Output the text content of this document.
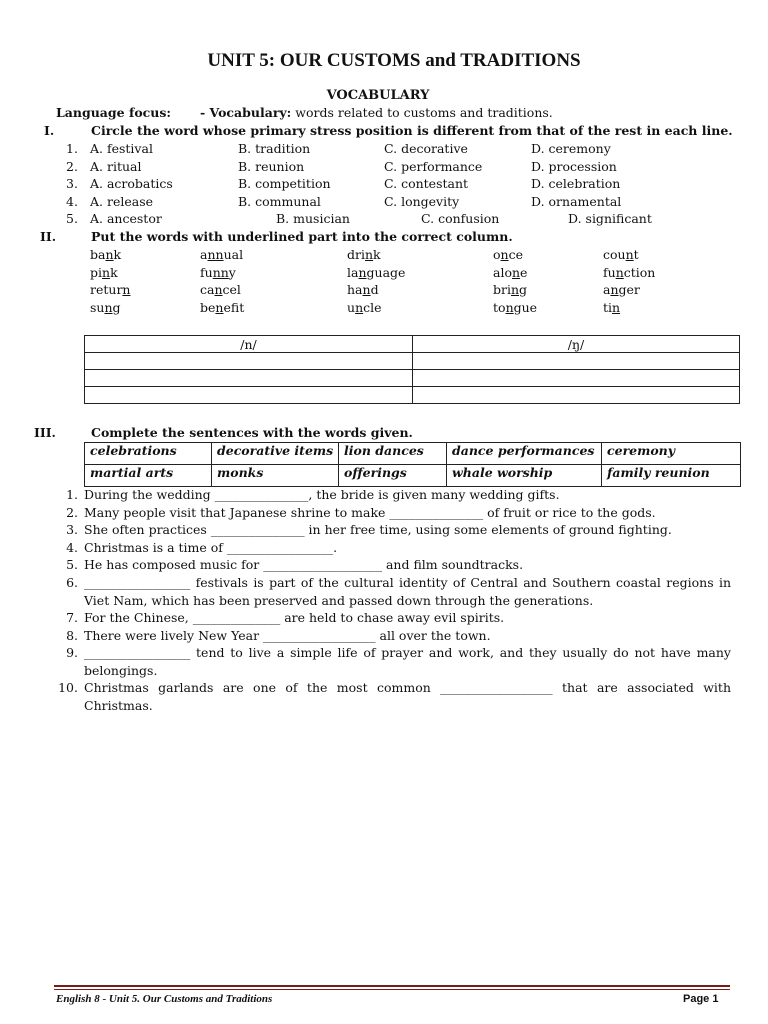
UNIT 5: OUR CUSTOMS and TRADITIONS
VOCABULARY
Language focus: - Vocabulary: words related to customs and traditions.
I.	Circle the word whose primary stress position is different from that of the rest in each line.
1. A. festival	B. tradition	C. decorative	D. ceremony
2. A. ritual	B. reunion	C. performance	D. procession
3. A. acrobatics	B. competition	C. contestant	D. celebration
4. A. release	B. communal	C. longevity	D. ornamental
5. A. ancestor	B. musician	C. confusion	D. significant
II.	Put the words with underlined part into the correct column.
bank	annual	drink	once	count
pink	funny	language	alone	function
return	cancel	hand	bring	anger
sung	benefit	uncle	tongue	tin
/n/	/ŋ/

III.	Complete the sentences with the words given.
celebrations	decorative items	lion dances	dance performances	ceremony
martial arts	monks	offerings	whale worship	family reunion
1. During the wedding _______________, the bride is given many wedding gifts.
2. Many people visit that Japanese shrine to make _______________ of fruit or rice to the gods.
3. She often practices _______________ in her free time, using some elements of ground fighting.
4. Christmas is a time of _________________.
5. He has composed music for ___________________ and film soundtracks.
6. _________________ festivals is part of the cultural identity of Central and Southern coastal regions in Viet Nam, which has been preserved and passed down through the generations.
7. For the Chinese, ______________ are held to chase away evil spirits.
8. There were lively New Year __________________ all over the town.
9. _________________ tend to live a simple life of prayer and work, and they usually do not have many belongings.
10. Christmas garlands are one of the most common __________________ that are associated with Christmas.
English 8 - Unit 5. Our Customs and Traditions	Page 1
